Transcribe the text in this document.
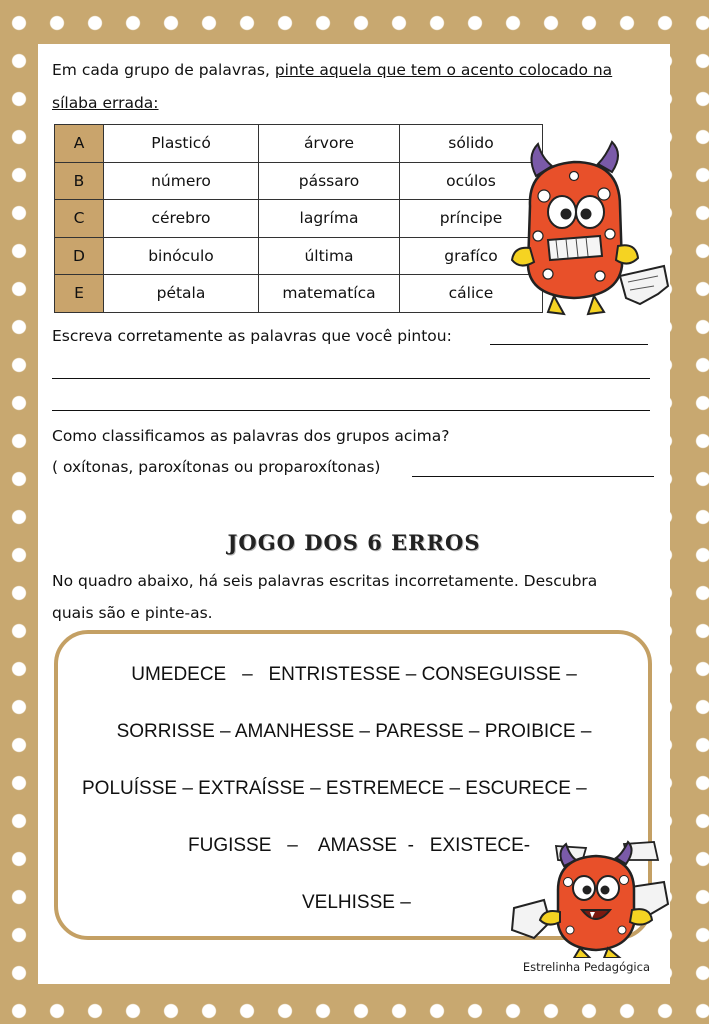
Em cada grupo de palavras, pinte aquela que tem o acento colocado na
sílaba errada:
A	Plasticó	árvore	sólido
B	número	pássaro	ocúlos
C	cérebro	lagríma	príncipe
D	binóculo	última	grafíco
E	pétala	matematíca	cálice
Escreva corretamente as palavras que você pintou:
Como classificamos as palavras dos grupos acima?
( oxítonas, paroxítonas ou proparoxítonas)
JOGO DOS 6 ERROS
No quadro abaixo, há seis palavras escritas incorretamente. Descubra
quais são e pinte-as.
UMEDECE   –   ENTRISTESSE – CONSEGUISSE –
SORRISSE – AMANHESSE – PARESSE – PROIBICE –
POLUÍSSE – EXTRAÍSSE – ESTREMECE – ESCURECE –
FUGISSE   –    AMASSE  -   EXISTECE-
VELHISSE –
Estrelinha Pedagógica
